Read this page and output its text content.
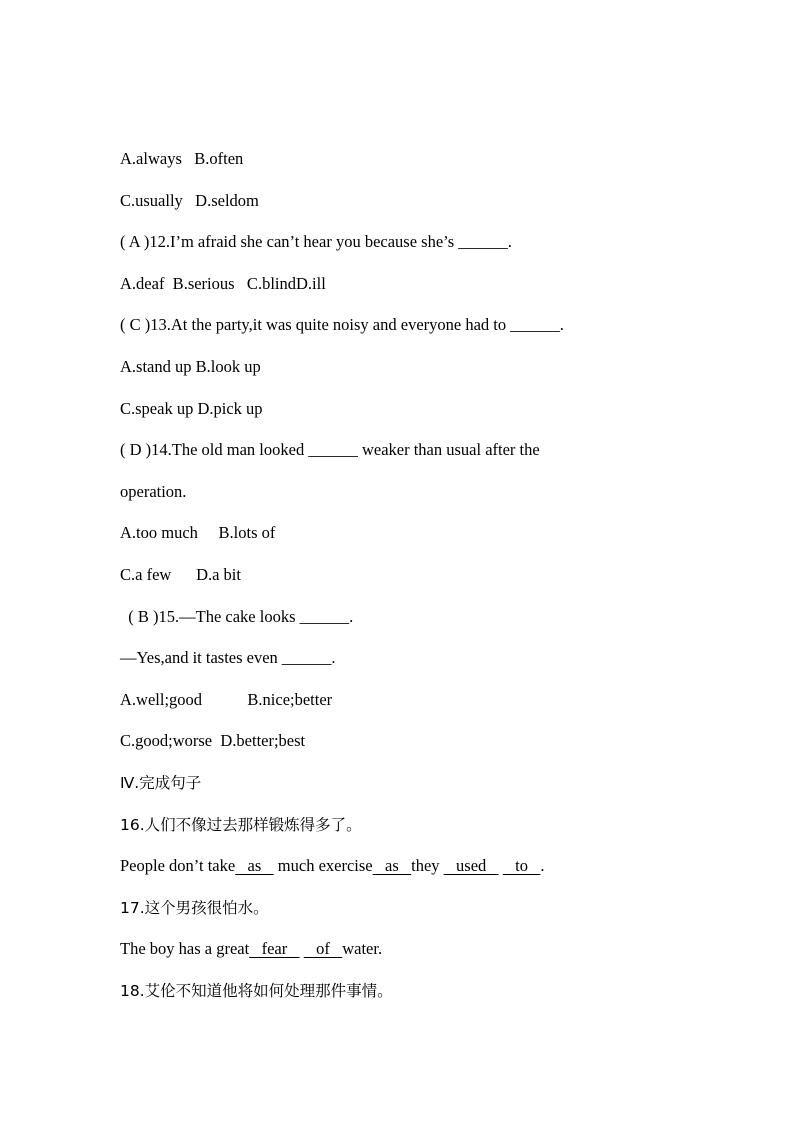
A.always   B.often
C.usually   D.seldom
( A )12.I’m afraid she can’t hear you because she’s ______.
A.deaf  B.serious   C.blindD.ill
( C )13.At the party,it was quite noisy and everyone had to ______.
A.stand up B.look up
C.speak up D.pick up
( D )14.The old man looked ______ weaker than usual after the
operation.
A.too much     B.lots of
C.a few      D.a bit
( B )15.—The cake looks ______.
—Yes,and it tastes even ______.
A.well;good           B.nice;better
C.good;worse  D.better;best
Ⅳ.完成句子
16.人们不像过去那样锻炼得多了。
People don’t take   as    much exercise   as   they    used       to   .
17.这个男孩很怕水。
The boy has a great   fear       of   water.
18.艾伦不知道他将如何处理那件事情。
